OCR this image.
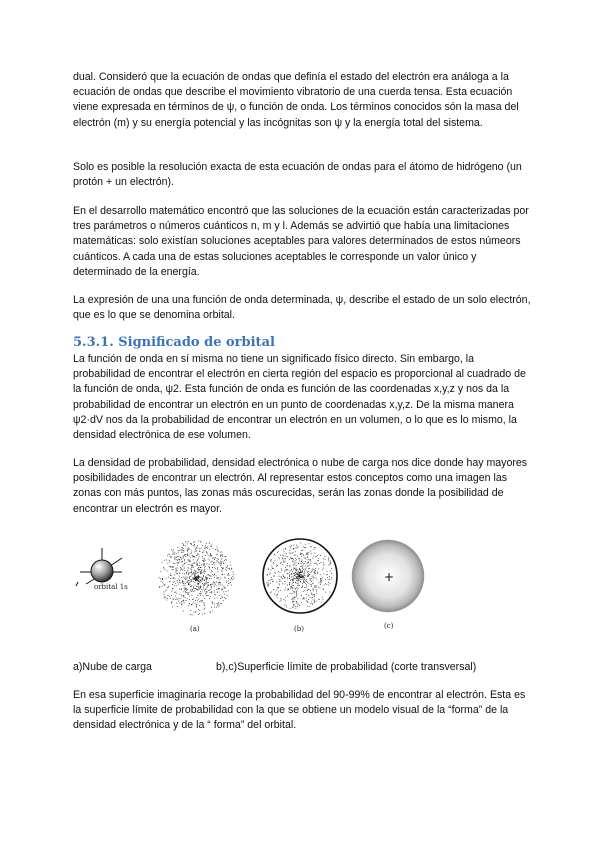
dual. Consideró que la ecuación de ondas que definía el estado del electrón era análoga a la ecuación de ondas que describe el movimiento vibratorio de una cuerda tensa. Esta ecuación viene expresada en términos de ψ, o función de onda. Los términos conocidos són la masa del electrón (m) y su energía potencial y las incógnitas son ψ y la energía total del sistema.

Solo es posible la resolución exacta de esta ecuación de ondas para el átomo de hidrógeno (un protón + un electrón).

En el desarrollo matemático encontró que las soluciones de la ecuación están caracterizadas por tres parámetros o números cuánticos n, m y l. Además se advirtió que había una limitaciones matemáticas: solo existían soluciones aceptables para valores determinados de estos númeors cuánticos. A cada una de estas soluciones aceptables le corresponde un valor único y determinado de la energía.

La expresión de una una función de onda determinada, ψ, describe el estado de un solo electrón, que es lo que se denomina orbital.

5.3.1. Significado de orbital

La función de onda en sí misma no tiene un significado físico directo. Sin embargo, la probabilidad de encontrar el electrón en cierta región del espacio es proporcional al cuadrado de la función de onda, ψ2. Esta función de onda es función de las coordenadas x,y,z y nos da la probabilidad de encontrar un electrón en un punto de coordenadas x,y,z. De la misma manera ψ2·dV nos da la probabilidad de encontrar un electrón en un volumen, o lo que es lo mismo, la densidad electrónica de ese volumen.

La densidad de probabilidad, densidad electrónica o nube de carga nos dice donde hay mayores posibilidades de encontrar un electrón. Al representar estos conceptos como una imagen las zonas con más puntos, las zonas más oscurecidas, serán las zonas donde la posibilidad de encontrar un electrón es mayor.

orbital 1s
(a)	(b)
+
(c)

a)Nube de carga	b),c)Superficie límite de probabilidad (corte transversal)

En esa superficie imaginaria recoge la probabilidad del 90-99% de encontrar al electrón. Esta es la superficie límite de probabilidad con la que se obtiene un modelo visual de la “forma” de la densidad electrónica y de la “ forma” del orbital.
